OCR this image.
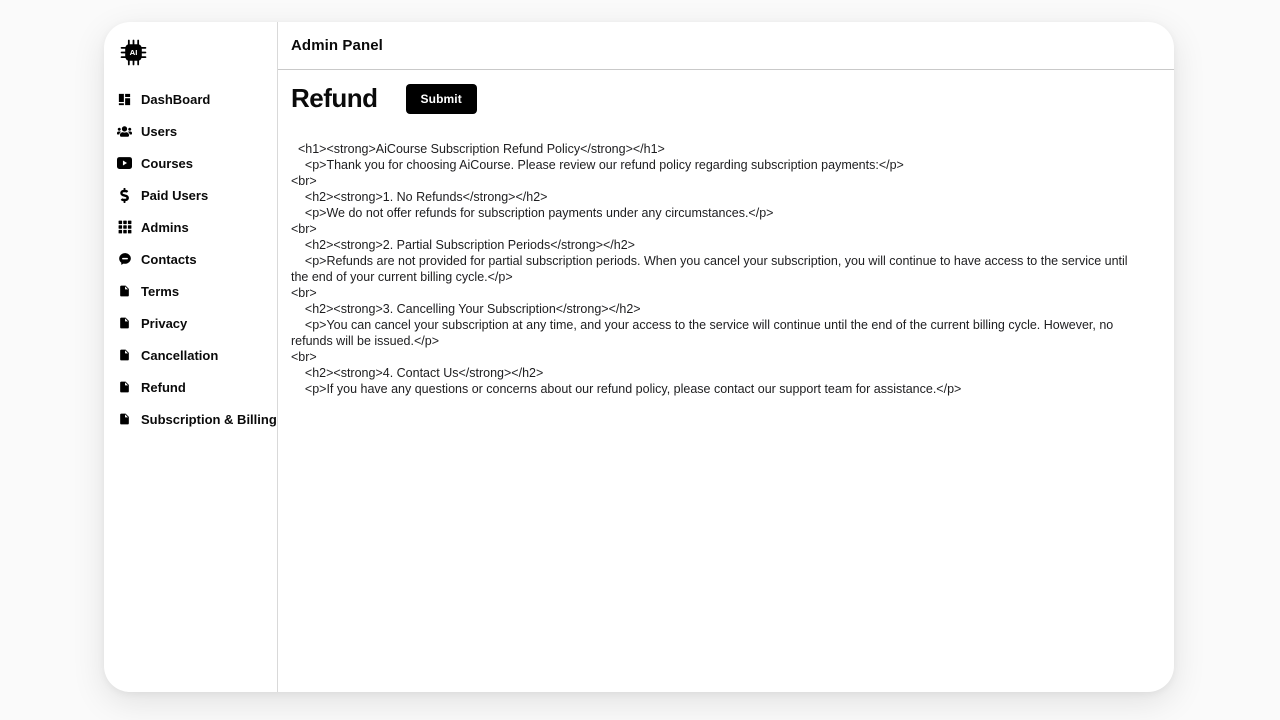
AI
DashBoard
Users
Courses
Paid Users
Admins
Contacts
Terms
Privacy
Cancellation
Refund
Subscription & Billing
Admin Panel
Refund	Submit
<h1><strong>AiCourse Subscription Refund Policy</strong></h1> <p>Thank you for choosing AiCourse. Please review our refund policy regarding subscription payments:</p> <br> <h2><strong>1. No Refunds</strong></h2> <p>We do not offer refunds for subscription payments under any circumstances.</p> <br> <h2><strong>2. Partial Subscription Periods</strong></h2> <p>Refunds are not provided for partial subscription periods. When you cancel your subscription, you will continue to have access to the service until the end of your current billing cycle.</p> <br> <h2><strong>3. Cancelling Your Subscription</strong></h2> <p>You can cancel your subscription at any time, and your access to the service will continue until the end of the current billing cycle. However, no refunds will be issued.</p> <br> <h2><strong>4. Contact Us</strong></h2> <p>If you have any questions or concerns about our refund policy, please contact our support team for assistance.</p>
